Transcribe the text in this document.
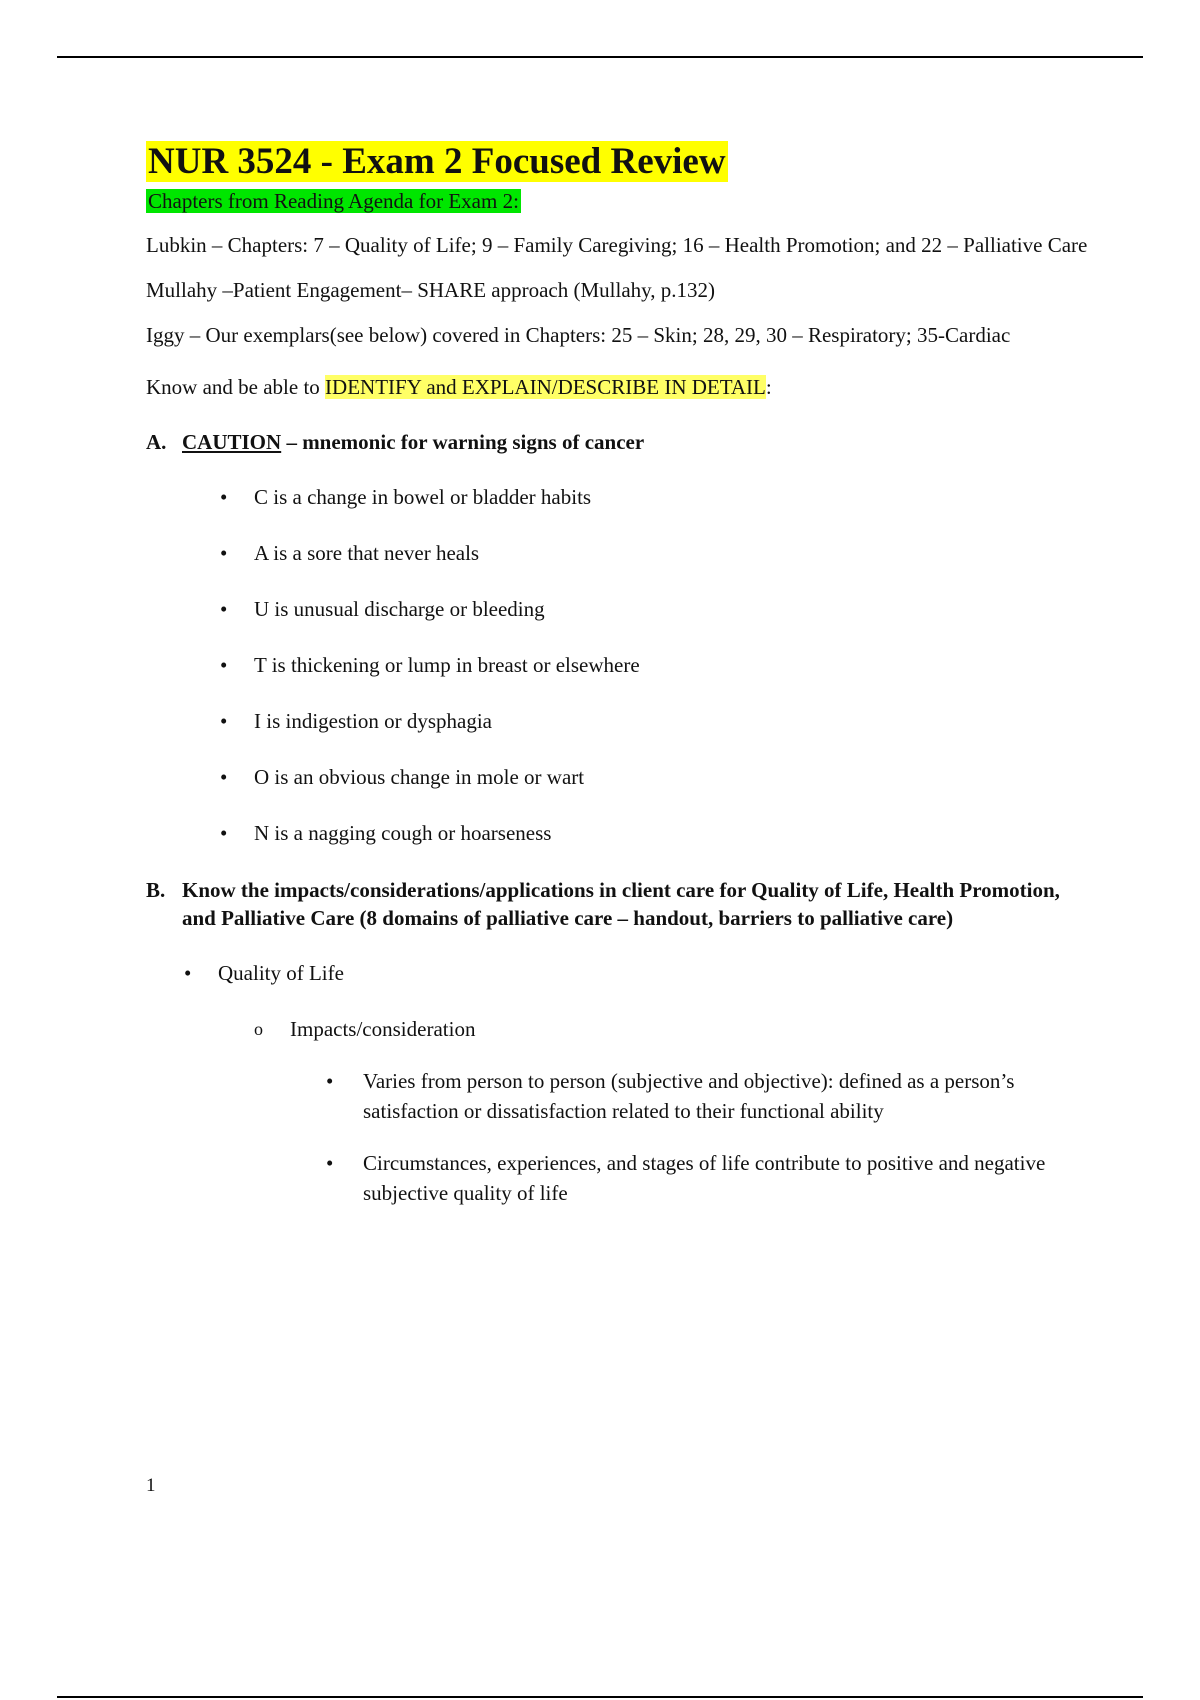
NUR 3524 - Exam 2 Focused Review

Chapters from Reading Agenda for Exam 2:

Lubkin – Chapters: 7 – Quality of Life; 9 – Family Caregiving; 16 – Health Promotion; and 22 – Palliative Care

Mullahy –Patient Engagement– SHARE approach (Mullahy, p.132)

Iggy – Our exemplars(see below) covered in Chapters: 25 – Skin; 28, 29, 30 – Respiratory; 35-Cardiac

Know and be able to IDENTIFY and EXPLAIN/DESCRIBE IN DETAIL:

A. CAUTION – mnemonic for warning signs of cancer
• C is a change in bowel or bladder habits
• A is a sore that never heals
• U is unusual discharge or bleeding
• T is thickening or lump in breast or elsewhere
• I is indigestion or dysphagia
• O is an obvious change in mole or wart
• N is a nagging cough or hoarseness
B. Know the impacts/considerations/applications in client care for Quality of Life, Health Promotion, and Palliative Care (8 domains of palliative care – handout, barriers to palliative care)
• Quality of Life
o Impacts/consideration
• Varies from person to person (subjective and objective): defined as a person’s satisfaction or dissatisfaction related to their functional ability
• Circumstances, experiences, and stages of life contribute to positive and negative subjective quality of life
1
